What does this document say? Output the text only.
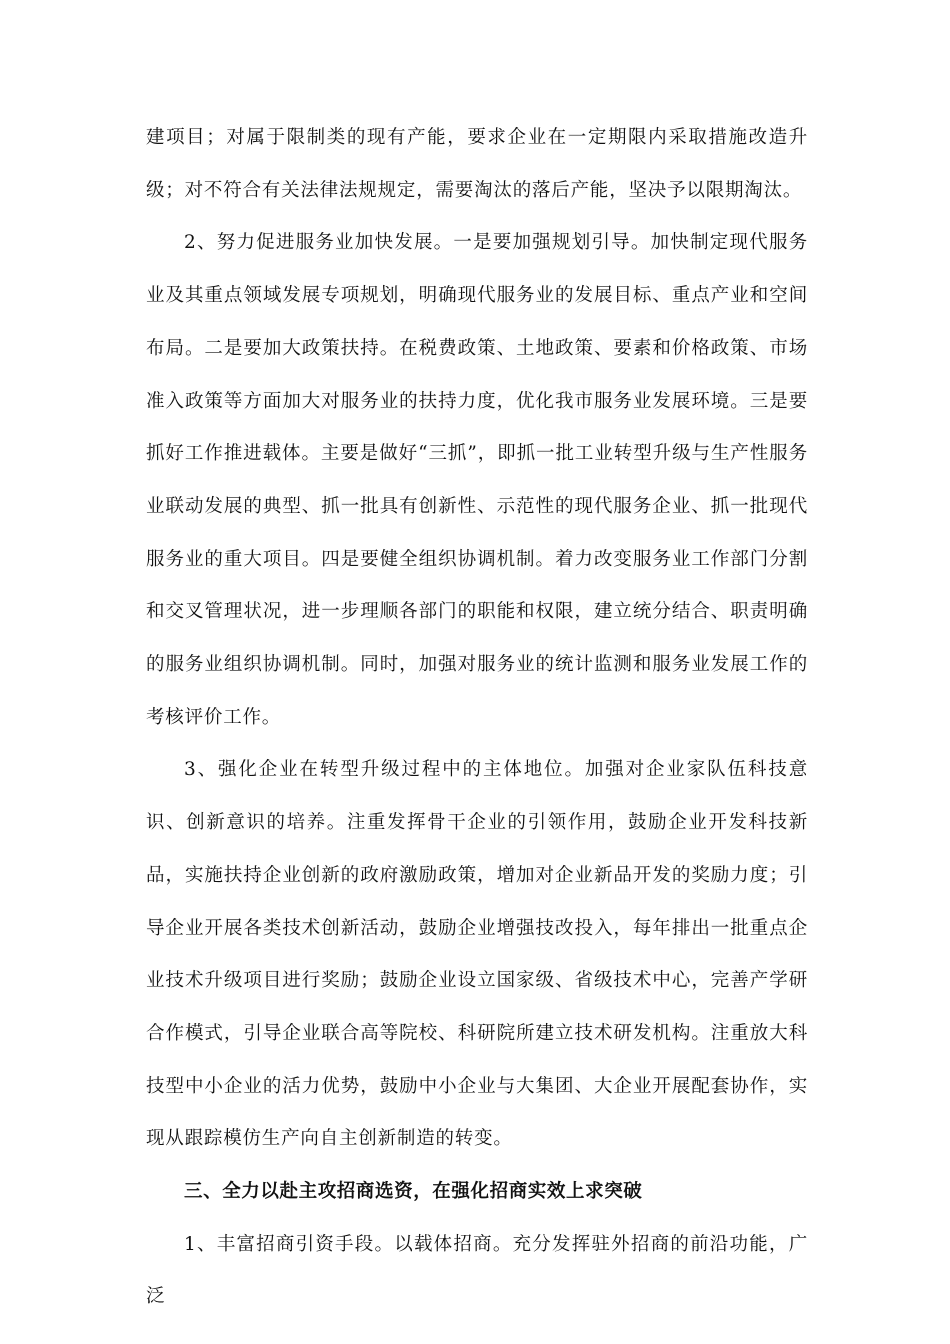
建项目；对属于限制类的现有产能，要求企业在一定期限内采取措施改造升级；对不符合有关法律法规规定，需要淘汰的落后产能，坚决予以限期淘汰。

2、努力促进服务业加快发展。一是要加强规划引导。加快制定现代服务业及其重点领域发展专项规划，明确现代服务业的发展目标、重点产业和空间布局。二是要加大政策扶持。在税费政策、土地政策、要素和价格政策、市场准入政策等方面加大对服务业的扶持力度，优化我市服务业发展环境。三是要抓好工作推进载体。主要是做好“三抓”，即抓一批工业转型升级与生产性服务业联动发展的典型、抓一批具有创新性、示范性的现代服务企业、抓一批现代服务业的重大项目。四是要健全组织协调机制。着力改变服务业工作部门分割和交叉管理状况，进一步理顺各部门的职能和权限，建立统分结合、职责明确的服务业组织协调机制。同时，加强对服务业的统计监测和服务业发展工作的考核评价工作。

3、强化企业在转型升级过程中的主体地位。加强对企业家队伍科技意识、创新意识的培养。注重发挥骨干企业的引领作用，鼓励企业开发科技新品，实施扶持企业创新的政府激励政策，增加对企业新品开发的奖励力度；引导企业开展各类技术创新活动，鼓励企业增强技改投入，每年排出一批重点企业技术升级项目进行奖励；鼓励企业设立国家级、省级技术中心，完善产学研合作模式，引导企业联合高等院校、科研院所建立技术研发机构。注重放大科技型中小企业的活力优势，鼓励中小企业与大集团、大企业开展配套协作，实现从跟踪模仿生产向自主创新制造的转变。

三、全力以赴主攻招商选资，在强化招商实效上求突破

1、丰富招商引资手段。以载体招商。充分发挥驻外招商的前沿功能，广泛
